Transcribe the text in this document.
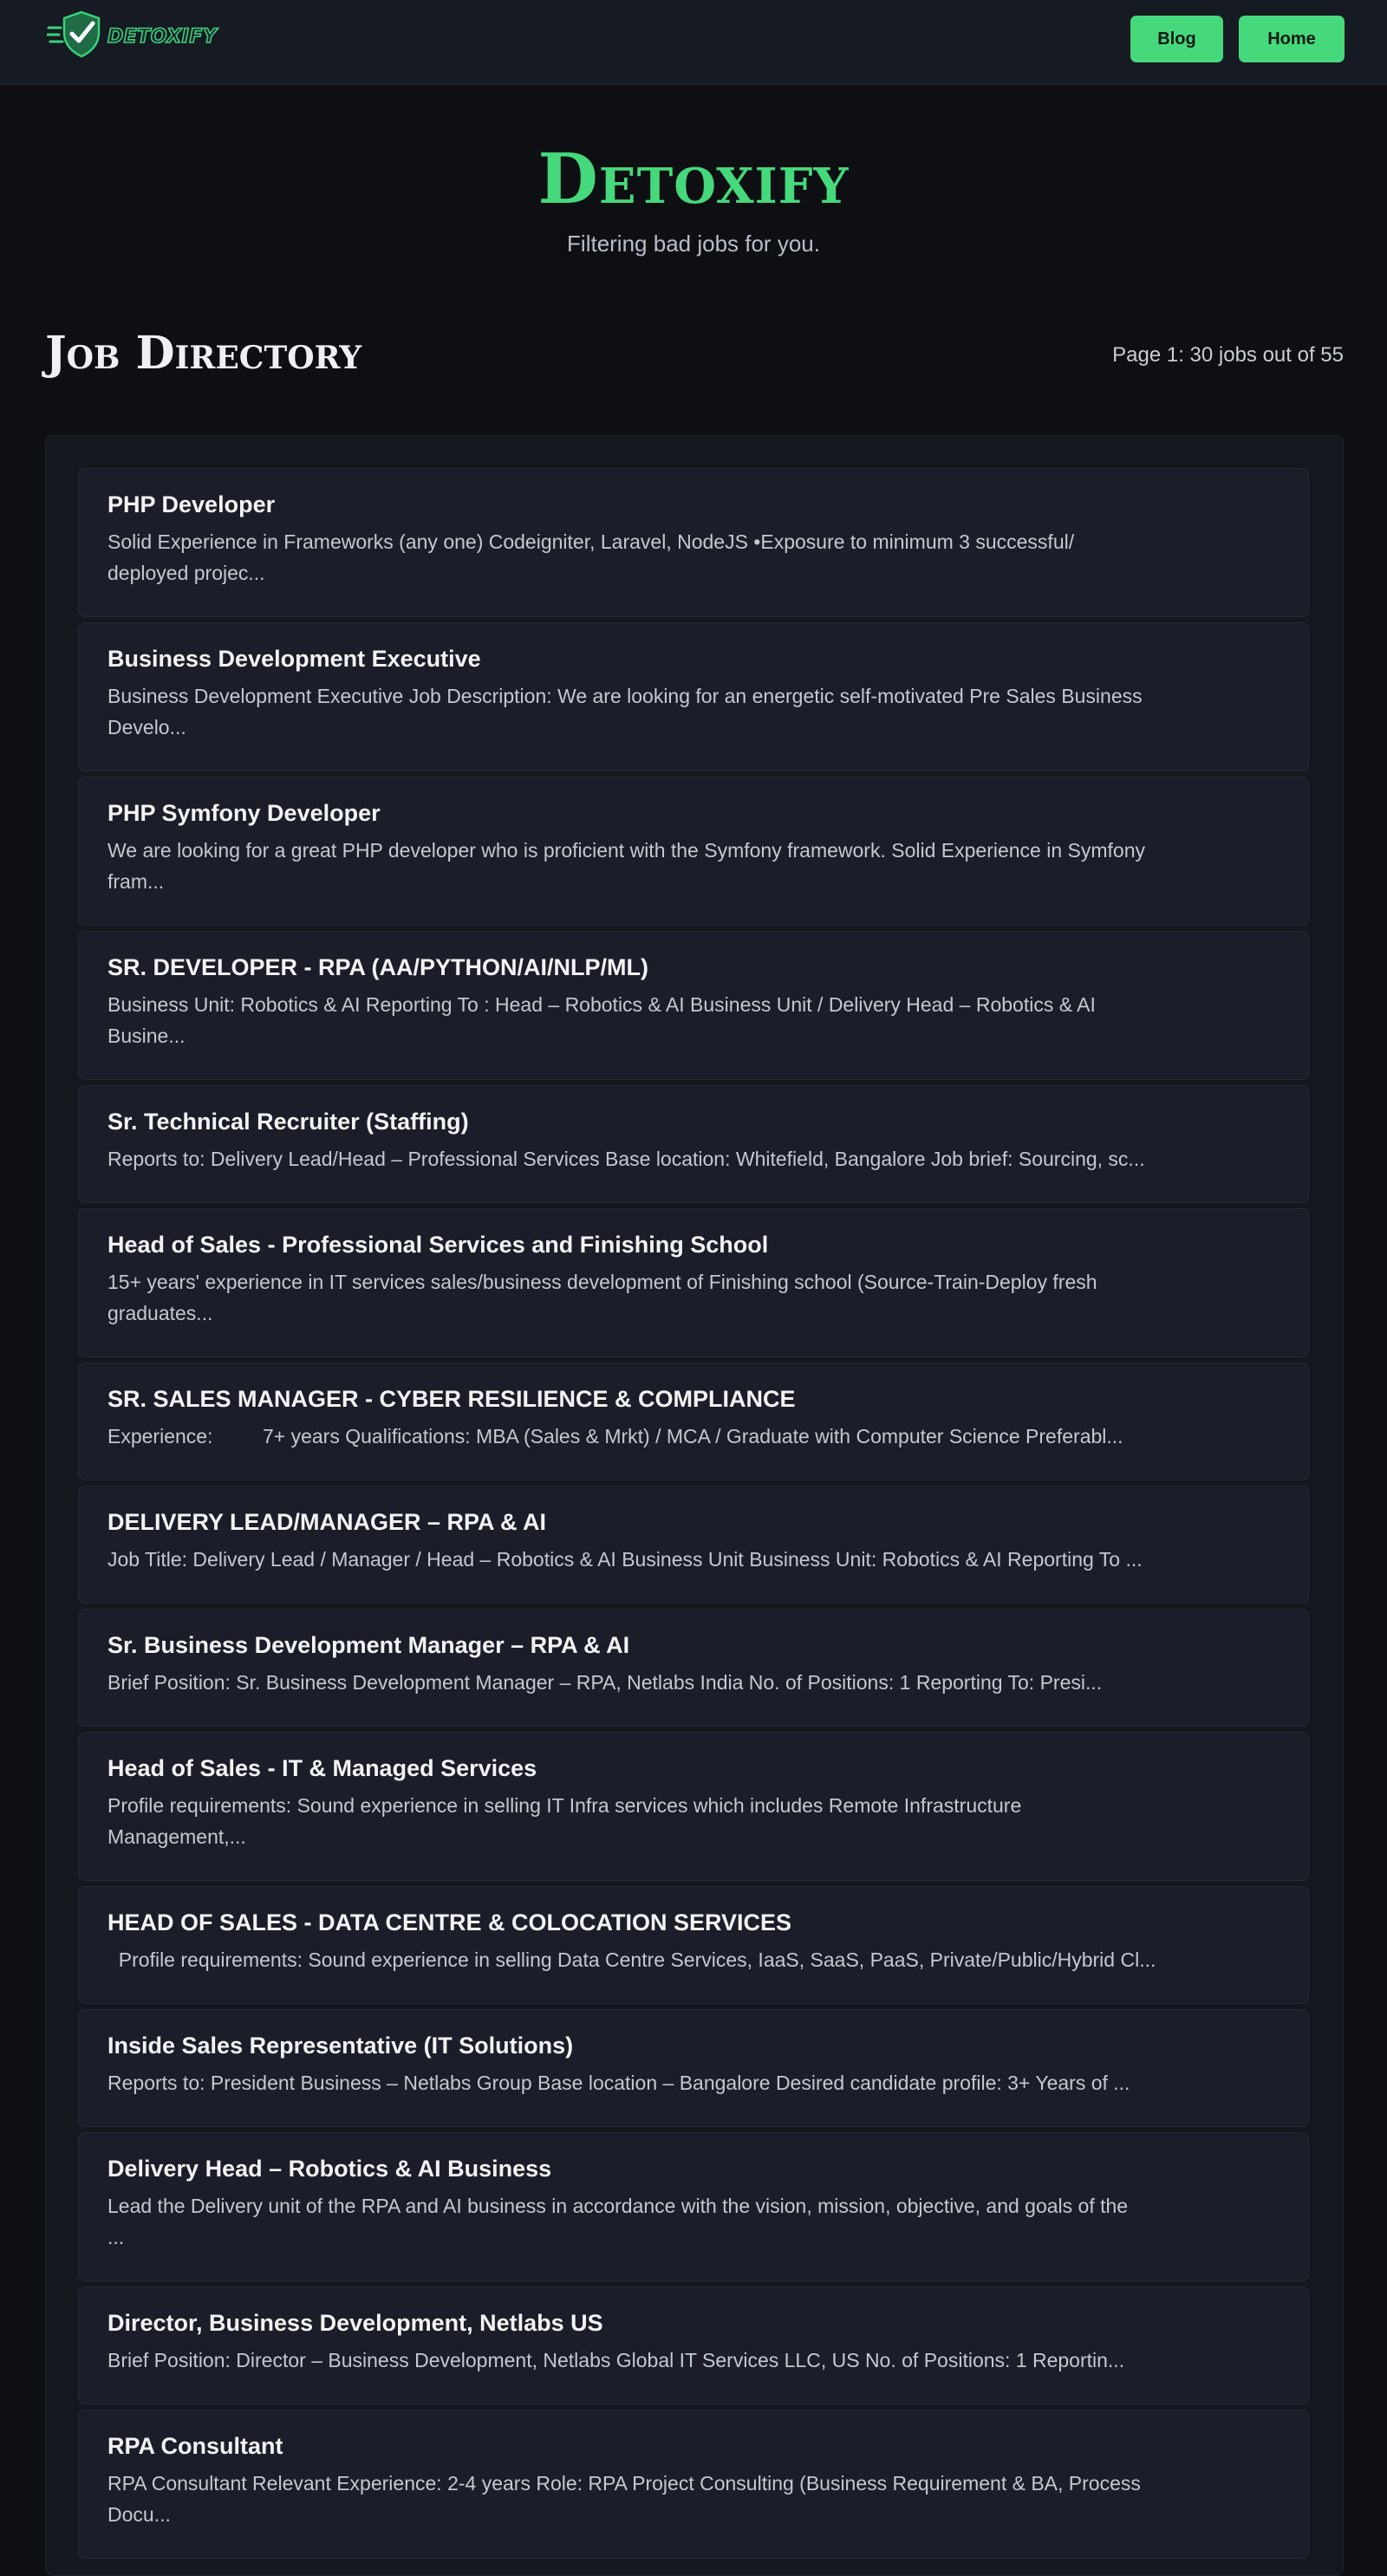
DETOXIFY	Blog	Home
Detoxify
Filtering bad jobs for you.
Job Directory	Page 1: 30 jobs out of 55
PHP Developer
Solid Experience in Frameworks (any one) Codeigniter, Laravel, NodeJS •Exposure to minimum 3 successful/
deployed projec...
Business Development Executive
Business Development Executive Job Description: We are looking for an energetic self-motivated Pre Sales Business
Develo...
PHP Symfony Developer
We are looking for a great PHP developer who is proficient with the Symfony framework. Solid Experience in Symfony
fram...
SR. DEVELOPER - RPA (AA/PYTHON/AI/NLP/ML)
Business Unit: Robotics & AI Reporting To : Head – Robotics & AI Business Unit / Delivery Head – Robotics & AI
Busine...
Sr. Technical Recruiter (Staffing)
Reports to: Delivery Lead/Head – Professional Services Base location: Whitefield, Bangalore Job brief: Sourcing, sc...
Head of Sales - Professional Services and Finishing School
15+ years' experience in IT services sales/business development of Finishing school (Source-Train-Deploy fresh
graduates...
SR. SALES MANAGER - CYBER RESILIENCE & COMPLIANCE
Experience:         7+ years Qualifications: MBA (Sales & Mrkt) / MCA / Graduate with Computer Science Preferabl...
DELIVERY LEAD/MANAGER – RPA & AI
Job Title: Delivery Lead / Manager / Head – Robotics & AI Business Unit Business Unit: Robotics & AI Reporting To ...
Sr. Business Development Manager – RPA & AI
Brief Position: Sr. Business Development Manager – RPA, Netlabs India No. of Positions: 1 Reporting To: Presi...
Head of Sales - IT & Managed Services
Profile requirements: Sound experience in selling IT Infra services which includes Remote Infrastructure
Management,...
HEAD OF SALES - DATA CENTRE & COLOCATION SERVICES
Profile requirements: Sound experience in selling Data Centre Services, IaaS, SaaS, PaaS, Private/Public/Hybrid Cl...
Inside Sales Representative (IT Solutions)
Reports to: President Business – Netlabs Group Base location – Bangalore Desired candidate profile: 3+ Years of ...
Delivery Head – Robotics & AI Business
Lead the Delivery unit of the RPA and AI business in accordance with the vision, mission, objective, and goals of the
...
Director, Business Development, Netlabs US
Brief Position: Director – Business Development, Netlabs Global IT Services LLC, US No. of Positions: 1 Reportin...
RPA Consultant
RPA Consultant Relevant Experience: 2-4 years Role: RPA Project Consulting (Business Requirement & BA, Process
Docu...
